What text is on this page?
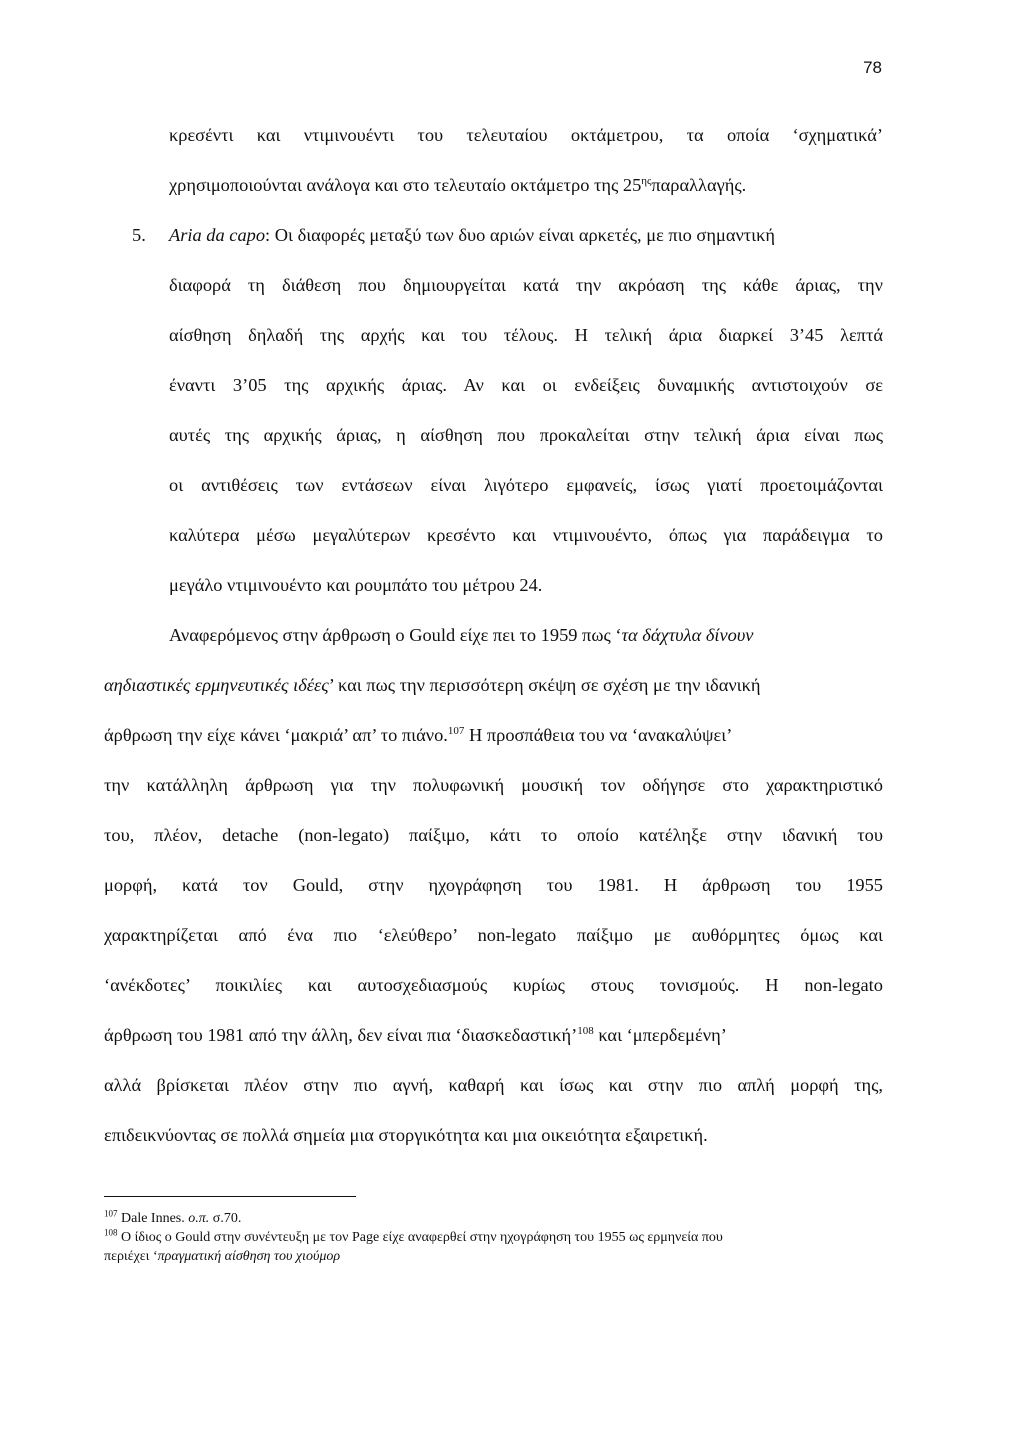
78
κρεσέντι και ντιμινουέντι του τελευταίου οκτάμετρου, τα οποία ‘σχηματικά’
χρησιμοποιούνται ανάλογα και στο τελευταίο οκτάμετρο της $25^{\eta\varsigma}\pi\alpha\rho\alpha\lambda\lambda\alpha\gamma ή\varsigma$.
5. Aria da capo: Οι διαφορές μεταξύ των δυο αριών είναι αρκετές, με πιο σημαντική
διαφορά τη διάθεση που δημιουργείται κατά την ακρόαση της κάθε άριας, την
αίσθηση δηλαδή της αρχής και του τέλους. Η τελική άρια διαρκεί 3’45 λεπτά
έναντι 3’05 της αρχικής άριας. Αν και οι ενδείξεις δυναμικής αντιστοιχούν σε
αυτές της αρχικής άριας, η αίσθηση που προκαλείται στην τελική άρια είναι πως
οι αντιθέσεις των εντάσεων είναι λιγότερο εμφανείς, ίσως γιατί προετοιμάζονται
καλύτερα μέσω μεγαλύτερων κρεσέντο και ντιμινουέντο, όπως για παράδειγμα το
μεγάλο ντιμινουέντο και ρουμπάτο του μέτρου 24.
Αναφερόμενος στην άρθρωση ο Gould είχε πει το 1959 πως ‘τα δάχτυλα δίνουν
αηδιαστικές ερμηνευτικές ιδέες’ και πως την περισσότερη σκέψη σε σχέση με την ιδανική
άρθρωση την είχε κάνει ‘μακριά’ απ’ το πιάνο.$^{107}$ Η προσπάθεια του να ‘ανακαλύψει’
την κατάλληλη άρθρωση για την πολυφωνική μουσική τον οδήγησε στο χαρακτηριστικό
του, πλέον, detache (non-legato) παίξιμο, κάτι το οποίο κατέληξε στην ιδανική του
μορφή, κατά τον Gould, στην ηχογράφηση του 1981. Η άρθρωση του 1955
χαρακτηρίζεται από ένα πιο ‘ελεύθερο’ non-legato παίξιμο με αυθόρμητες όμως και
‘ανέκδοτες’ ποικιλίες και αυτοσχεδιασμούς κυρίως στους τονισμούς. Η non-legato
άρθρωση του 1981 από την άλλη, δεν είναι πια ‘διασκεδαστική’$^{108}$ και ‘μπερδεμένη’
αλλά βρίσκεται πλέον στην πιο αγνή, καθαρή και ίσως και στην πιο απλή μορφή της,
επιδεικνύοντας σε πολλά σημεία μια στοργικότητα και μια οικειότητα εξαιρετική.
$^{107}$ Dale Innes. ο.π. σ.70.
$^{108}$ Ο ίδιος ο Gould στην συνέντευξη με τον Page είχε αναφερθεί στην ηχογράφηση του 1955 ως ερμηνεία που
περιέχει ‘πραγματική αίσθηση του χιούμορ
